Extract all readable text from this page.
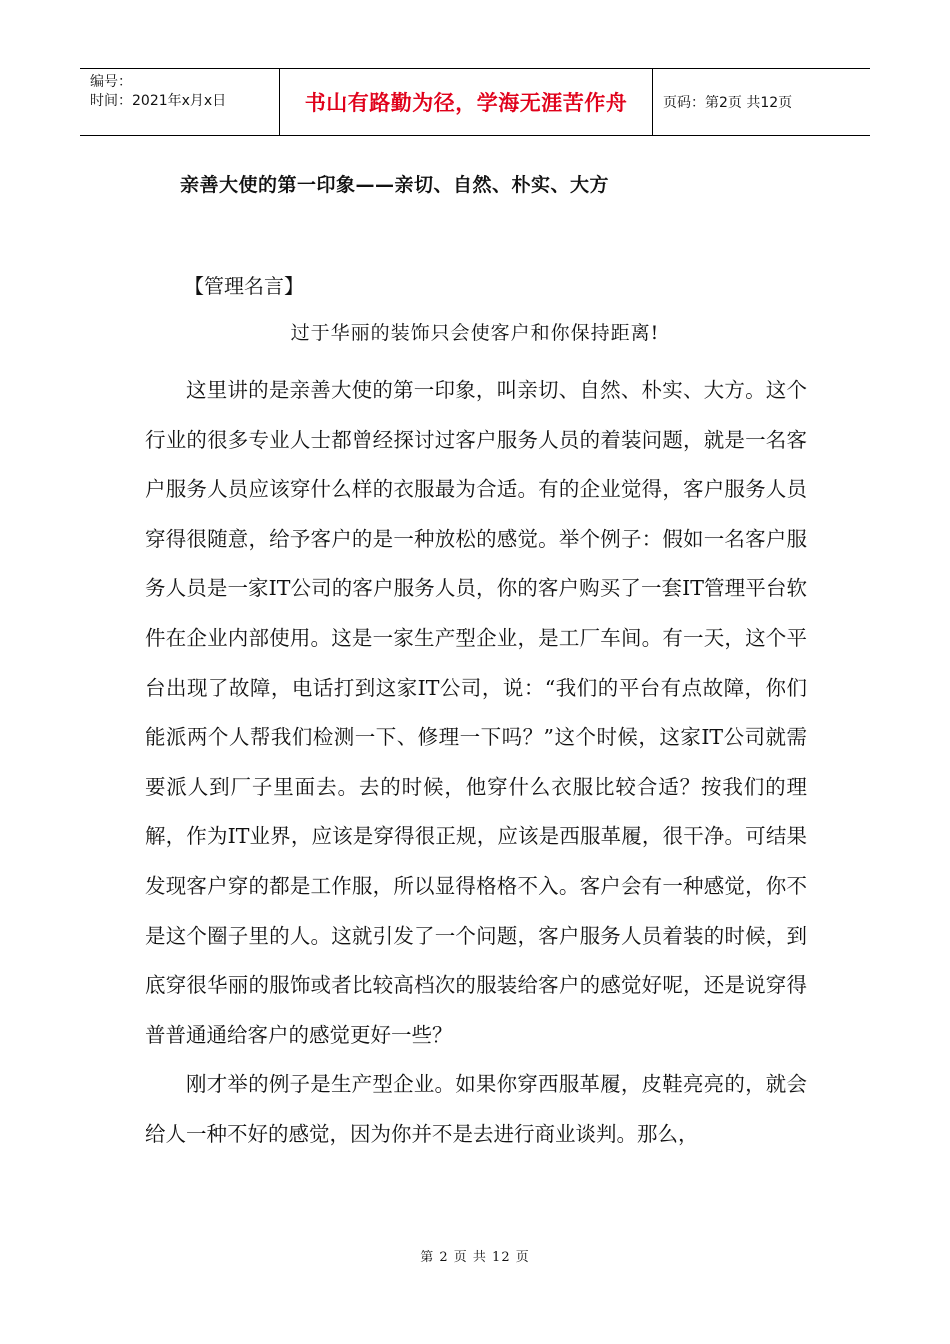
编号：
时间：2021年x月x日	书山有路勤为径，学海无涯苦作舟	页码：第2页 共12页
亲善大使的第一印象——亲切、自然、朴实、大方
【管理名言】
过于华丽的装饰只会使客户和你保持距离!

这里讲的是亲善大使的第一印象，叫亲切、自然、朴实、大方。这个行业的很多专业人士都曾经探讨过客户服务人员的着装问题，就是一名客户服务人员应该穿什么样的衣服最为合适。有的企业觉得，客户服务人员穿得很随意，给予客户的是一种放松的感觉。举个例子：假如一名客户服务人员是一家IT公司的客户服务人员，你的客户购买了一套IT管理平台软件在企业内部使用。这是一家生产型企业，是工厂车间。有一天，这个平台出现了故障，电话打到这家IT公司，说：“我们的平台有点故障，你们能派两个人帮我们检测一下、修理一下吗？”这个时候，这家IT公司就需要派人到厂子里面去。去的时候，他穿什么衣服比较合适？按我们的理解，作为IT业界，应该是穿得很正规，应该是西服革履，很干净。可结果发现客户穿的都是工作服，所以显得格格不入。客户会有一种感觉，你不是这个圈子里的人。这就引发了一个问题，客户服务人员着装的时候，到底穿很华丽的服饰或者比较高档次的服装给客户的感觉好呢，还是说穿得普普通通给客户的感觉更好一些？

刚才举的例子是生产型企业。如果你穿西服革履，皮鞋亮亮的，就会给人一种不好的感觉，因为你并不是去进行商业谈判。那么，

第 2 页 共 12 页
